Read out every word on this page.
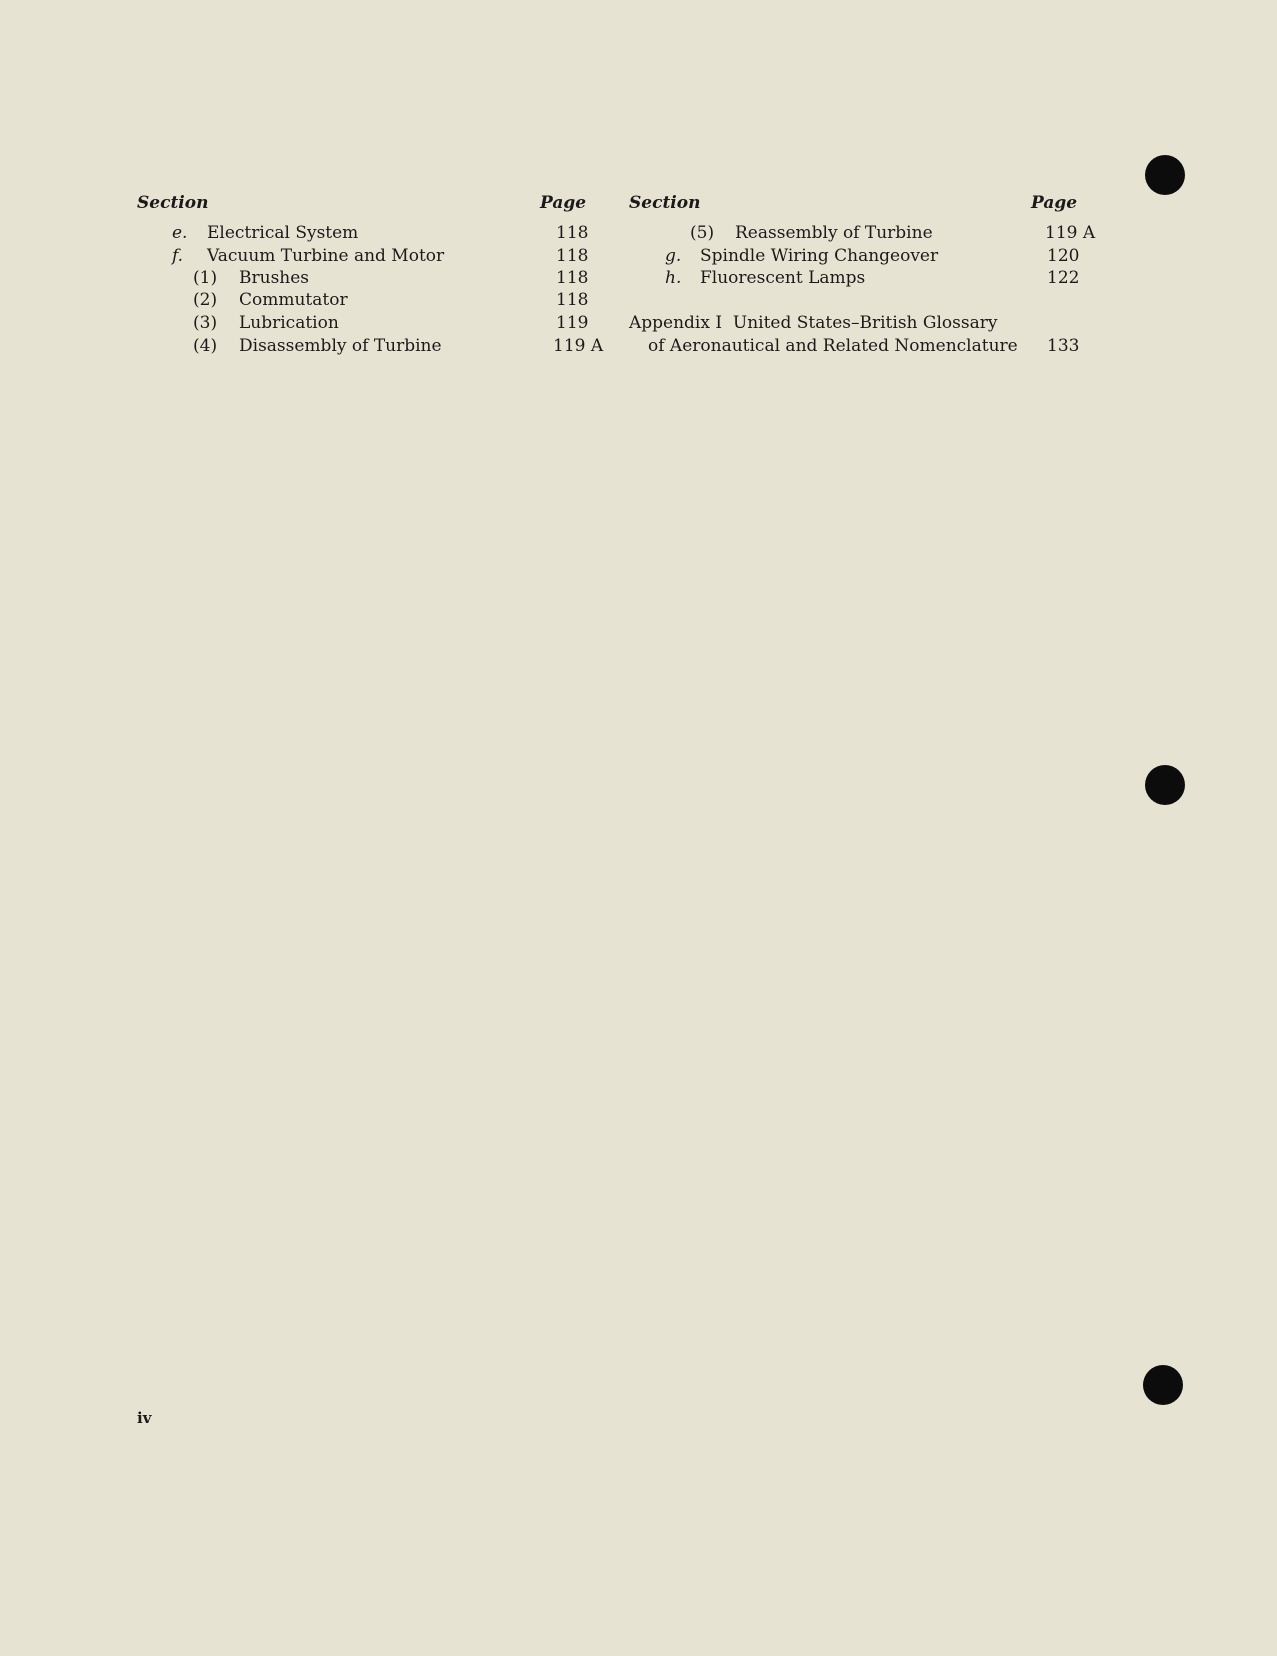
Section	Page
e. Electrical System	118
f. Vacuum Turbine and Motor	118
(1) Brushes	118
(2) Commutator	118
(3) Lubrication	119
(4) Disassembly of Turbine	119 A
Section	Page
(5) Reassembly of Turbine	119 A
g. Spindle Wiring Changeover	120
h. Fluorescent Lamps	122
Appendix I  United States–British Glossary
of Aeronautical and Related Nomenclature 133
iv
